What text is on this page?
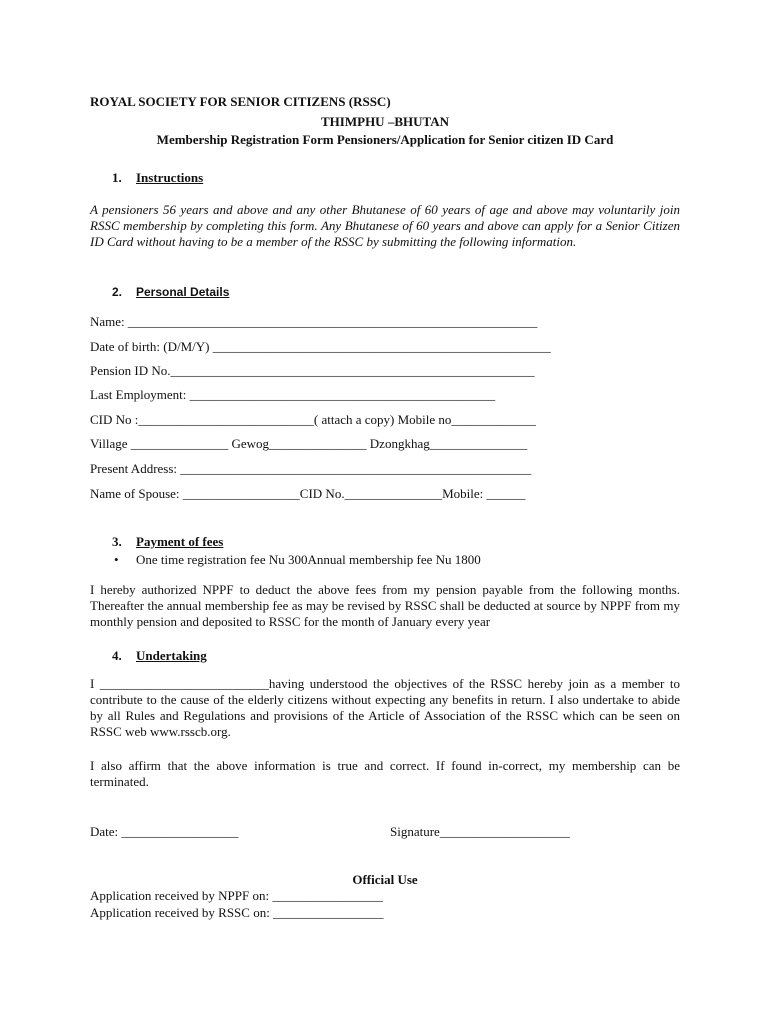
ROYAL SOCIETY FOR SENIOR CITIZENS (RSSC)
THIMPHU –BHUTAN
Membership Registration Form Pensioners/Application for Senior citizen ID Card
1. Instructions
A pensioners 56 years and above and any other Bhutanese of 60 years of age and above may voluntarily join RSSC membership by completing this form. Any Bhutanese of 60 years and above can apply for a Senior Citizen ID Card without having to be a member of the RSSC by submitting the following information.
2. Personal Details
Name: _______________________________________________________________
Date of birth: (D/M/Y) ____________________________________________________
Pension ID No.________________________________________________________
Last Employment: _______________________________________________
CID No :___________________________( attach a copy) Mobile no_____________
Village _______________ Gewog_______________ Dzongkhag_______________
Present Address: ______________________________________________________
Name of Spouse: __________________CID No._______________Mobile: ______
3. Payment of fees
• One time registration fee Nu 300Annual membership fee Nu 1800
I hereby authorized NPPF to deduct the above fees from my pension payable from the following months. Thereafter the annual membership fee as may be revised by RSSC shall be deducted at source by NPPF from my monthly pension and deposited to RSSC for the month of January every year
4. Undertaking
I __________________________having understood the objectives of the RSSC hereby join as a member to contribute to the cause of the elderly citizens without expecting any benefits in return. I also undertake to abide by all Rules and Regulations and provisions of the Article of Association of the RSSC which can be seen on RSSC web www.rsscb.org.
I also affirm that the above information is true and correct. If found in-correct, my membership can be terminated.
Date: __________________	Signature____________________
Official Use
Application received by NPPF on: _________________
Application received by RSSC on: _________________
